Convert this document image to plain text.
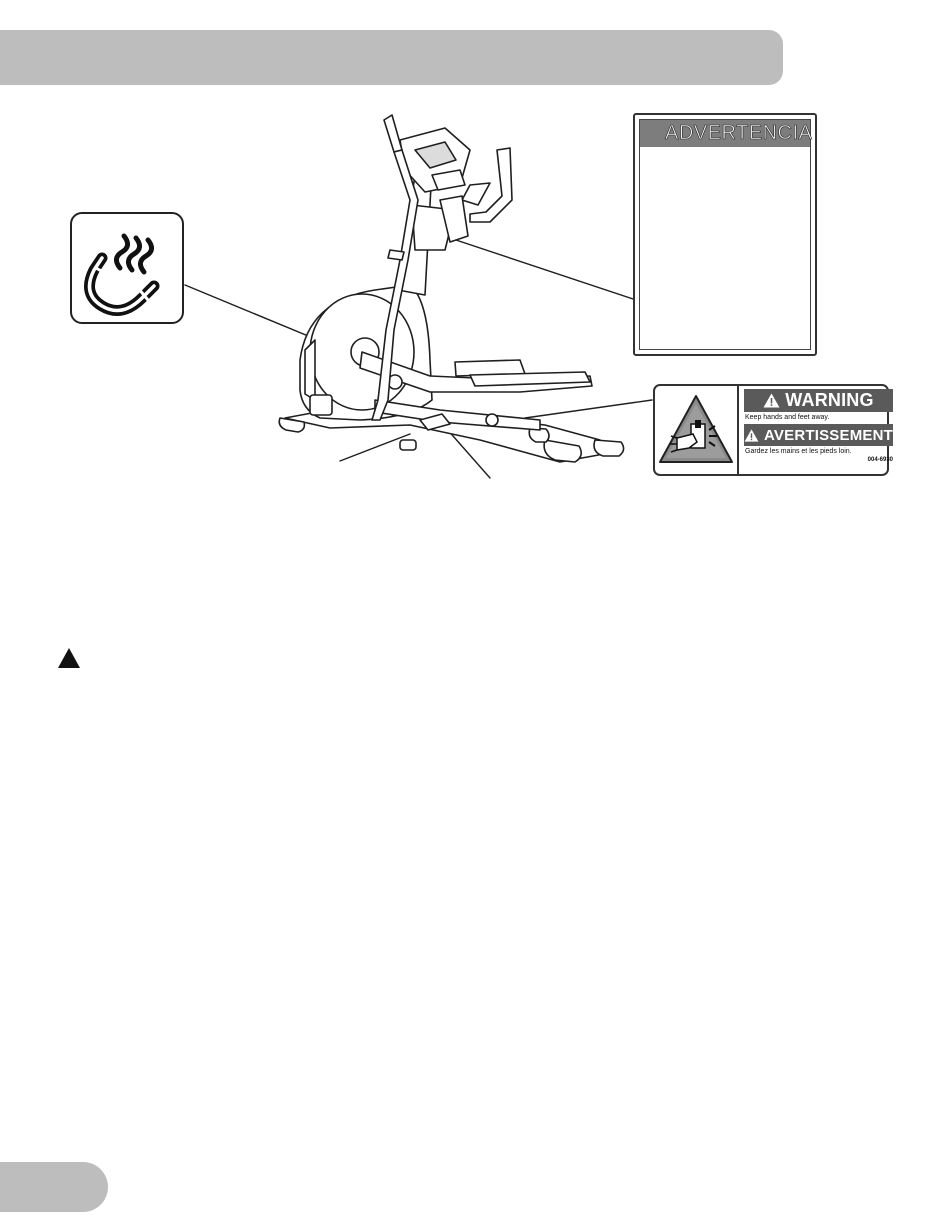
ADVERTENCIA
WARNING
Keep hands and feet away.
AVERTISSEMENT
Gardez les mains et les pieds loin.
004-6930
